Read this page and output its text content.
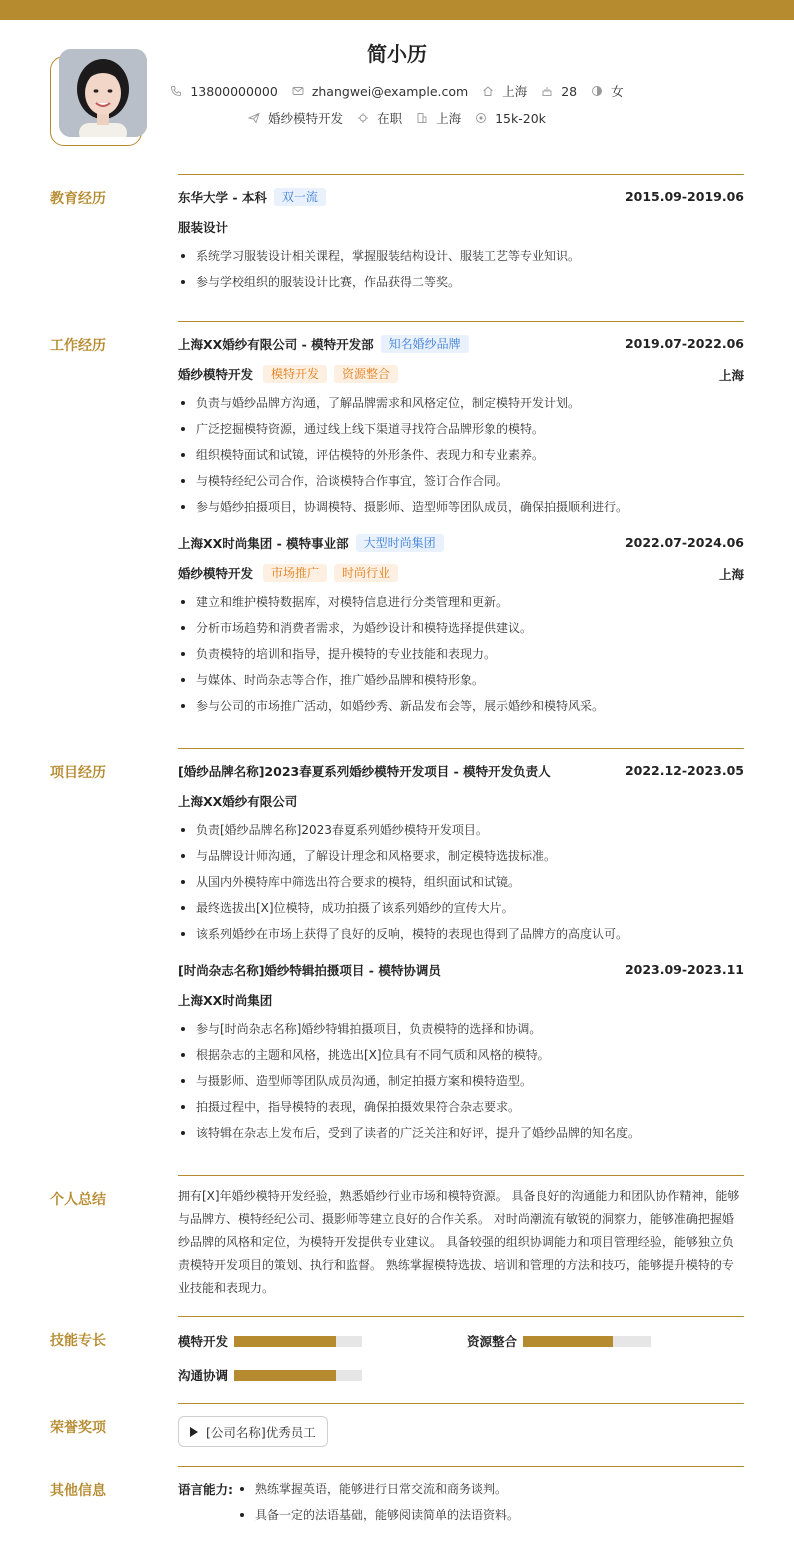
简小历
13800000000	zhangwei@example.com	上海	28	女
婚纱模特开发	在职	上海	15k-20k
教育经历	东华大学 - 本科	双一流	2015.09-2019.06
服装设计
系统学习服装设计相关课程，掌握服装结构设计、服装工艺等专业知识。
参与学校组织的服装设计比赛，作品获得二等奖。
工作经历	上海XX婚纱有限公司 - 模特开发部	知名婚纱品牌	2019.07-2022.06
婚纱模特开发	模特开发	资源整合	上海
负责与婚纱品牌方沟通，了解品牌需求和风格定位，制定模特开发计划。
广泛挖掘模特资源，通过线上线下渠道寻找符合品牌形象的模特。
组织模特面试和试镜，评估模特的外形条件、表现力和专业素养。
与模特经纪公司合作，洽谈模特合作事宜，签订合作合同。
参与婚纱拍摄项目，协调模特、摄影师、造型师等团队成员，确保拍摄顺利进行。
上海XX时尚集团 - 模特事业部	大型时尚集团	2022.07-2024.06
婚纱模特开发	市场推广	时尚行业	上海
建立和维护模特数据库，对模特信息进行分类管理和更新。
分析市场趋势和消费者需求，为婚纱设计和模特选择提供建议。
负责模特的培训和指导，提升模特的专业技能和表现力。
与媒体、时尚杂志等合作，推广婚纱品牌和模特形象。
参与公司的市场推广活动，如婚纱秀、新品发布会等，展示婚纱和模特风采。
项目经历	[婚纱品牌名称]2023春夏系列婚纱模特开发项目 - 模特开发负责人	2022.12-2023.05
上海XX婚纱有限公司
负责[婚纱品牌名称]2023春夏系列婚纱模特开发项目。
与品牌设计师沟通，了解设计理念和风格要求，制定模特选拔标准。
从国内外模特库中筛选出符合要求的模特，组织面试和试镜。
最终选拔出[X]位模特，成功拍摄了该系列婚纱的宣传大片。
该系列婚纱在市场上获得了良好的反响，模特的表现也得到了品牌方的高度认可。
[时尚杂志名称]婚纱特辑拍摄项目 - 模特协调员	2023.09-2023.11
上海XX时尚集团
参与[时尚杂志名称]婚纱特辑拍摄项目，负责模特的选择和协调。
根据杂志的主题和风格，挑选出[X]位具有不同气质和风格的模特。
与摄影师、造型师等团队成员沟通，制定拍摄方案和模特造型。
拍摄过程中，指导模特的表现，确保拍摄效果符合杂志要求。
该特辑在杂志上发布后，受到了读者的广泛关注和好评，提升了婚纱品牌的知名度。
个人总结	拥有[X]年婚纱模特开发经验，熟悉婚纱行业市场和模特资源。 具备良好的沟通能力和团队协作精神，能够与品牌方、模特经纪公司、摄影师等建立良好的合作关系。 对时尚潮流有敏锐的洞察力，能够准确把握婚纱品牌的风格和定位，为模特开发提供专业建议。 具备较强的组织协调能力和项目管理经验，能够独立负责模特开发项目的策划、执行和监督。 熟练掌握模特选拔、培训和管理的方法和技巧，能够提升模特的专业技能和表现力。

技能专长	模特开发	资源整合
沟通协调
荣誉奖项	[公司名称]优秀员工
其他信息	语言能力:	熟练掌握英语，能够进行日常交流和商务谈判。
具备一定的法语基础，能够阅读简单的法语资料。
